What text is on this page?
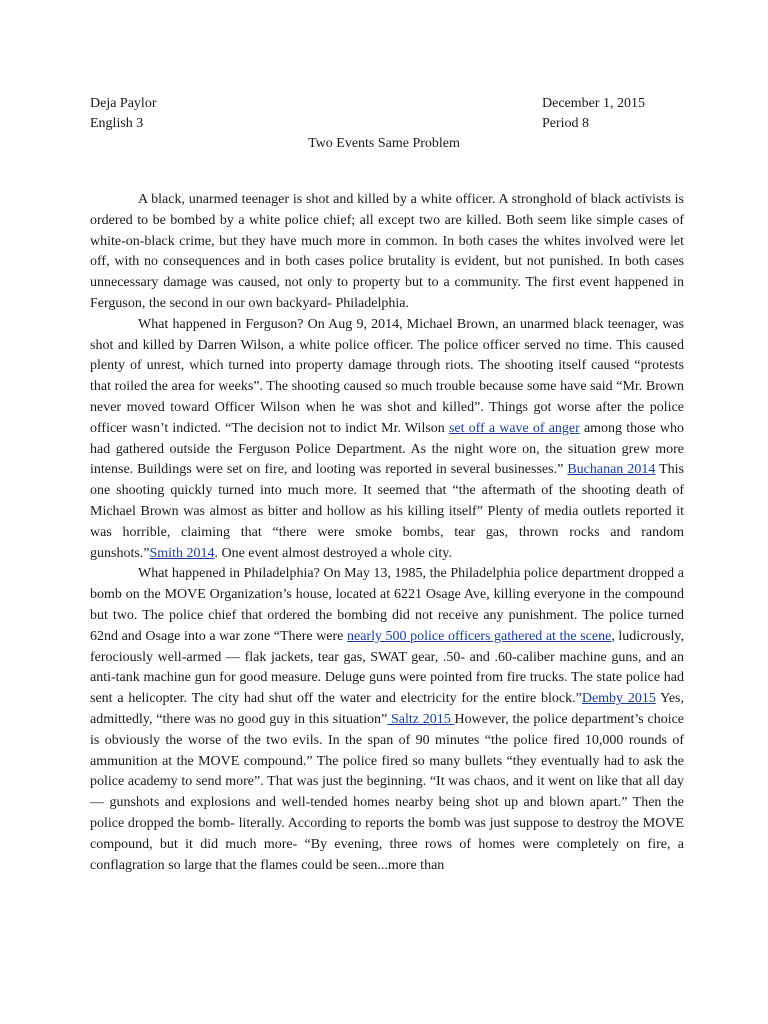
Deja Paylor
English 3
December 1, 2015
Period 8
Two Events Same Problem

A black, unarmed teenager is shot and killed by a white officer. A stronghold of black activists is ordered to be bombed by a white police chief; all except two are killed. Both seem like simple cases of white-on-black crime, but they have much more in common. In both cases the whites involved were let off, with no consequences and in both cases police brutality is evident, but not punished. In both cases unnecessary damage was caused, not only to property but to a community. The first event happened in Ferguson, the second in our own backyard- Philadelphia.

What happened in Ferguson? On Aug 9, 2014, Michael Brown, an unarmed black teenager, was shot and killed by Darren Wilson, a white police officer. The police officer served no time. This caused plenty of unrest, which turned into property damage through riots. The shooting itself caused “protests that roiled the area for weeks”. The shooting caused so much trouble because some have said “Mr. Brown never moved toward Officer Wilson when he was shot and killed”. Things got worse after the police officer wasn’t indicted. “The decision not to indict Mr. Wilson set off a wave of anger among those who had gathered outside the Ferguson Police Department. As the night wore on, the situation grew more intense. Buildings were set on fire, and looting was reported in several businesses.” Buchanan 2014 This one shooting quickly turned into much more. It seemed that “the aftermath of the shooting death of Michael Brown was almost as bitter and hollow as his killing itself” Plenty of media outlets reported it was horrible, claiming that “there were smoke bombs, tear gas, thrown rocks and random gunshots.”Smith 2014. One event almost destroyed a whole city.

What happened in Philadelphia? On May 13, 1985, the Philadelphia police department dropped a bomb on the MOVE Organization’s house, located at 6221 Osage Ave, killing everyone in the compound but two. The police chief that ordered the bombing did not receive any punishment. The police turned 62nd and Osage into a war zone “There were nearly 500 police officers gathered at the scene, ludicrously, ferociously well-armed — flak jackets, tear gas, SWAT gear, .50- and .60-caliber machine guns, and an anti-tank machine gun for good measure. Deluge guns were pointed from fire trucks. The state police had sent a helicopter. The city had shut off the water and electricity for the entire block.”Demby 2015 Yes, admittedly, “there was no good guy in this situation” Saltz 2015 However, the police department’s choice is obviously the worse of the two evils. In the span of 90 minutes “the police fired 10,000 rounds of ammunition at the MOVE compound.” The police fired so many bullets “they eventually had to ask the police academy to send more”. That was just the beginning. “It was chaos, and it went on like that all day — gunshots and explosions and well-tended homes nearby being shot up and blown apart.” Then the police dropped the bomb- literally. According to reports the bomb was just suppose to destroy the MOVE compound, but it did much more- “By evening, three rows of homes were completely on fire, a conflagration so large that the flames could be seen...more than
